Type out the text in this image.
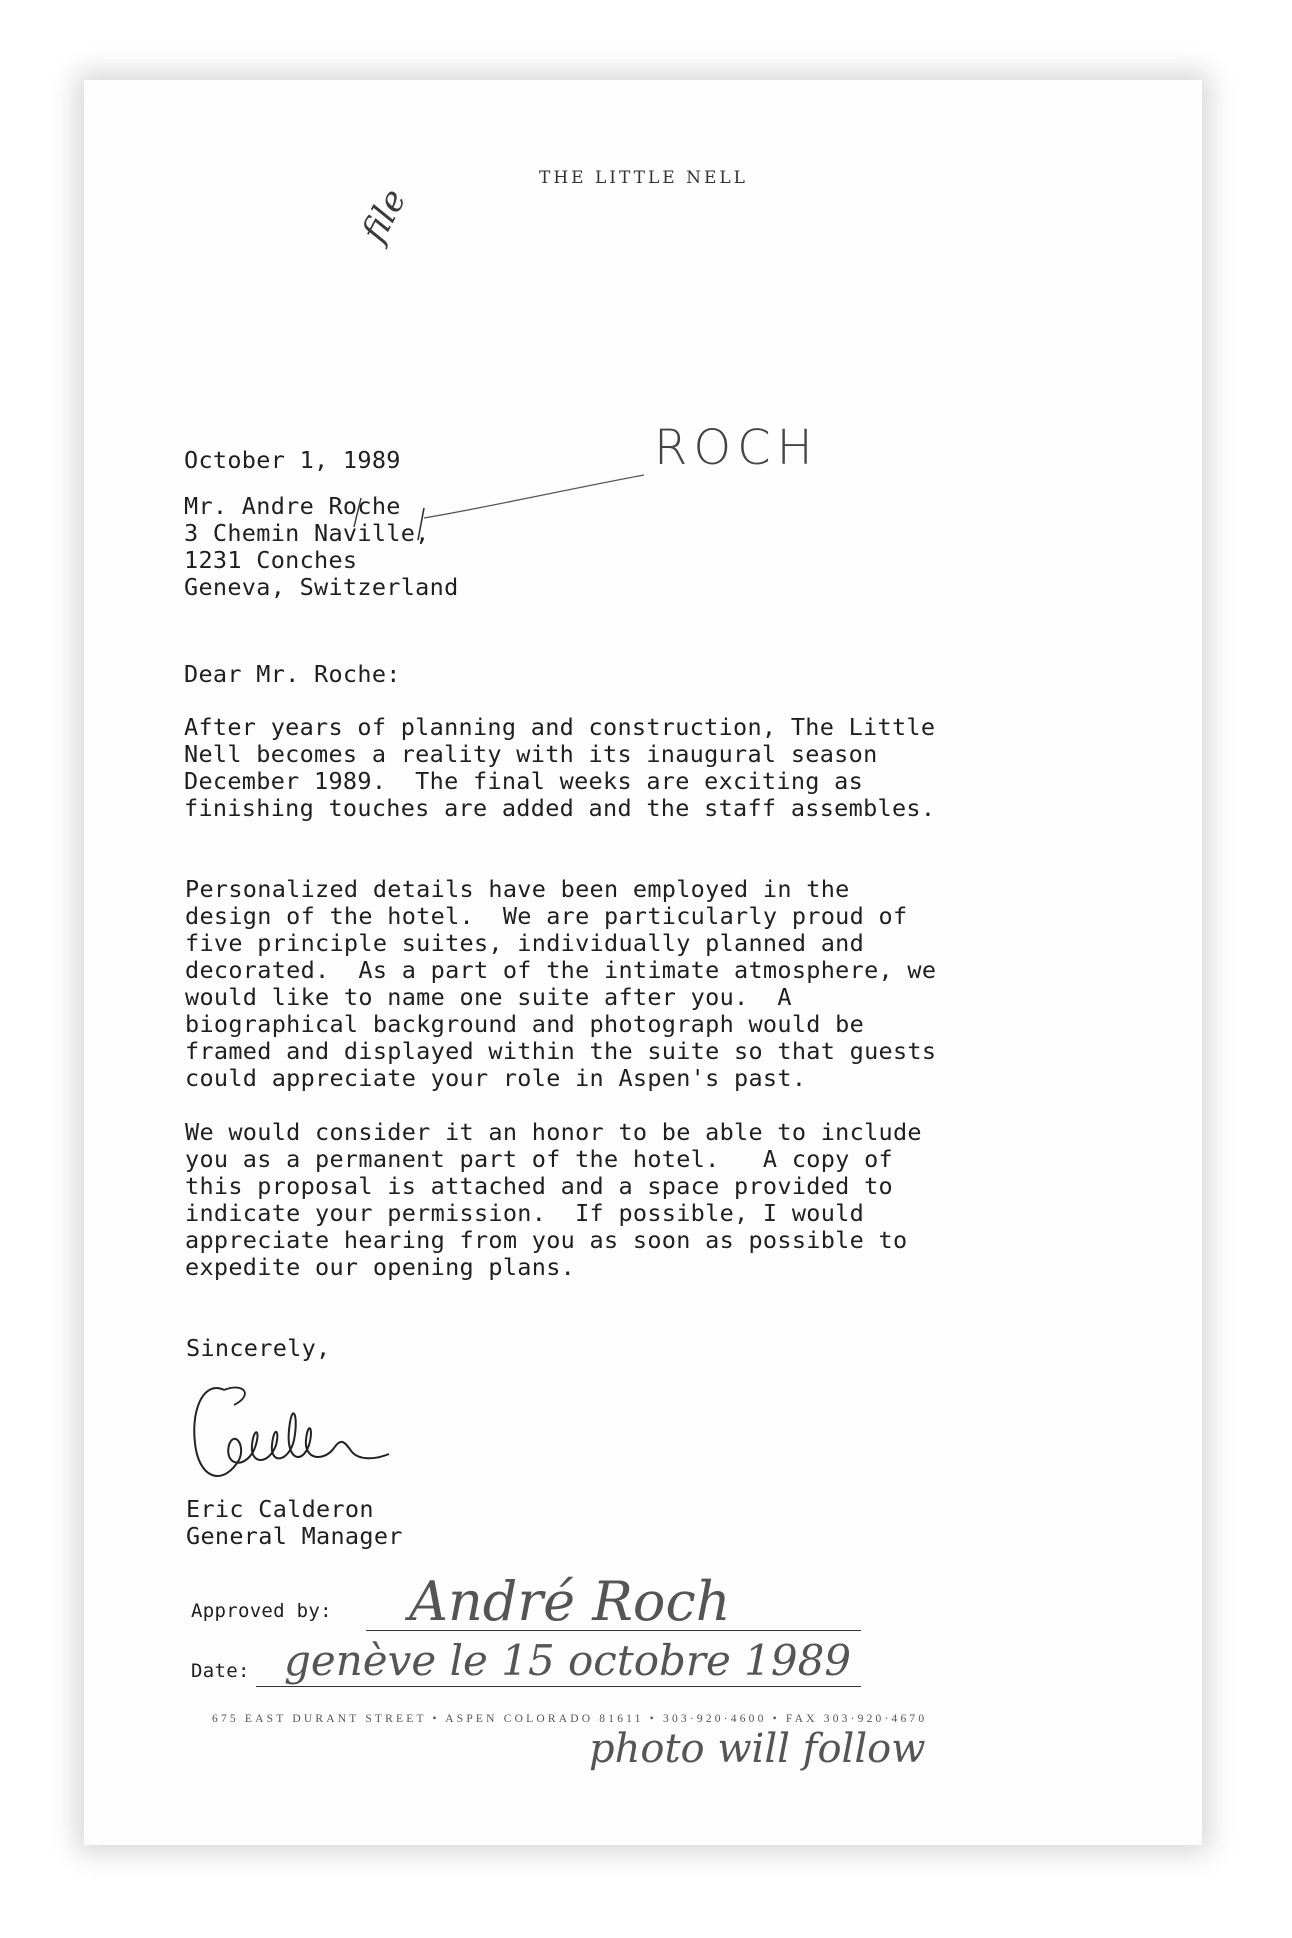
THE LITTLE NELL
file
ROCH
October 1, 1989
Mr. Andre Roche
3 Chemin Naville,
1231 Conches
Geneva, Switzerland
Dear Mr. Roche:
After years of planning and construction, The Little
Nell becomes a reality with its inaugural season
December 1989.  The final weeks are exciting as
finishing touches are added and the staff assembles.
Personalized details have been employed in the
design of the hotel.  We are particularly proud of
five principle suites, individually planned and
decorated.  As a part of the intimate atmosphere, we
would like to name one suite after you.  A
biographical background and photograph would be
framed and displayed within the suite so that guests
could appreciate your role in Aspen's past.
We would consider it an honor to be able to include
you as a permanent part of the hotel.   A copy of
this proposal is attached and a space provided to
indicate your permission.  If possible, I would
appreciate hearing from you as soon as possible to
expedite our opening plans.
Sincerely,
Eric Calderon
General Manager
Approved by: André Roch
Date: genève le 15 octobre 1989
675 EAST DURANT STREET • ASPEN COLORADO 81611 • 303·920·4600 • FAX 303·920·4670
photo will follow
